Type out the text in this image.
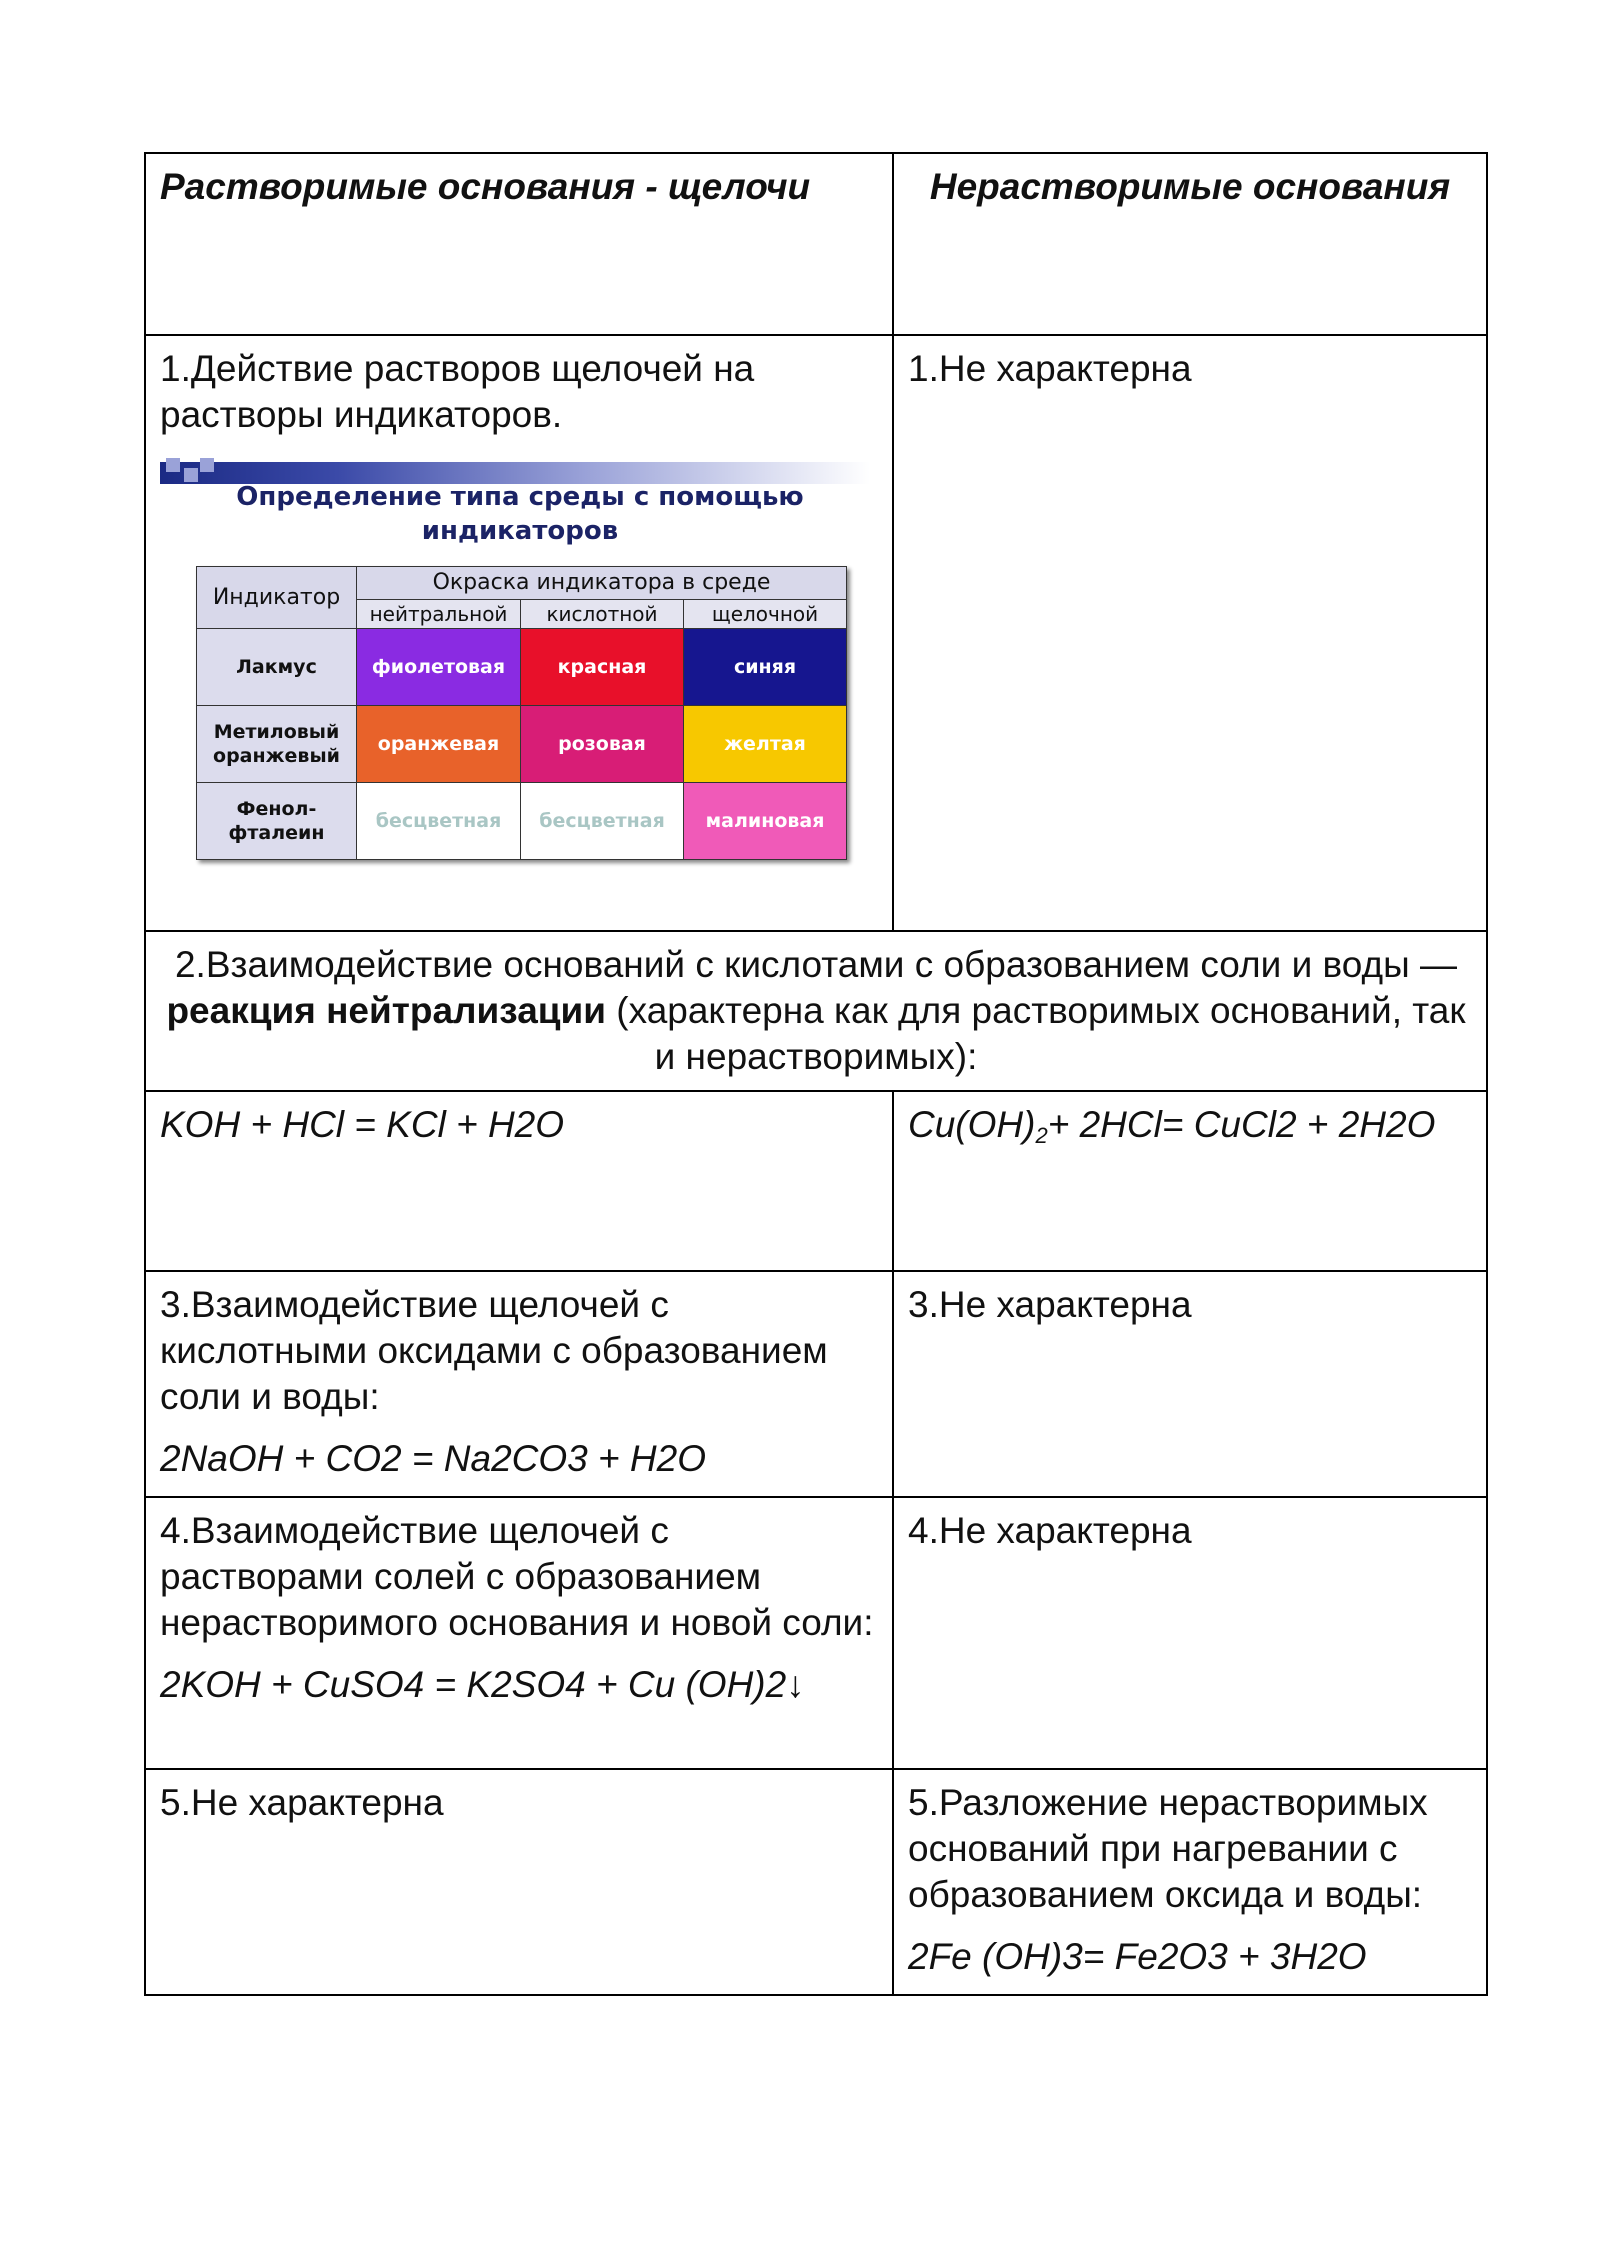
Растворимые основания - щелочи	Нерастворимые основания

1.Действие растворов щелочей на растворы индикаторов.
Определение типа среды с помощью индикаторов
Индикатор	Окраска индикатора в среде
нейтральной	кислотной	щелочной
Лакмус	фиолетовая	красная	синяя
Метиловый оранжевый	оранжевая	розовая	желтая
Фенол-фталеин	бесцветная	бесцветная	малиновая
	1.Не характерна
2.Взаимодействие оснований с кислотами с образованием соли и воды — реакция нейтрализации (характерна как для растворимых оснований, так и нерастворимых):
KOH + HCl = KCl + H2O	$Cu(OH)_2+ 2HCl=$ CuCl2 + 2H2O

3.Взаимодействие щелочей с кислотными оксидами с образованием соли и воды:
2NaOH + CO2 = Na2CO3 + H2O
	3.Не характерна

4.Взаимодействие щелочей с растворами солей с образованием нерастворимого основания и новой соли:
2KOH + CuSO4 = K2SO4 + Cu (OH)2↓
	4.Не характерна
5.Не характерна	5.Разложение нерастворимых оснований при нагревании с образованием оксида и воды:
2Fe (OH)3= Fe2O3 + 3H2O
